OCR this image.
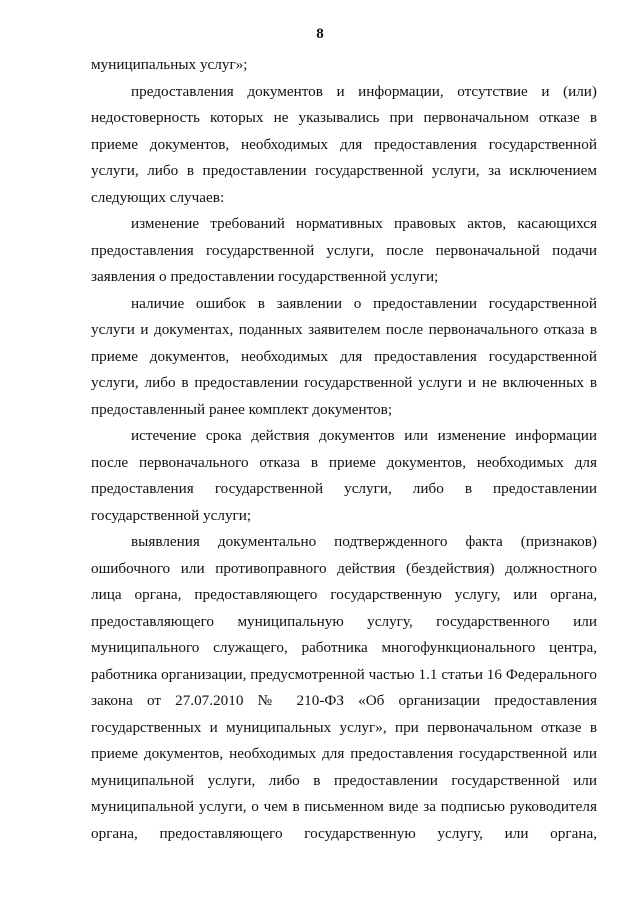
8

муниципальных услуг»;

предоставления документов и информации, отсутствие и (или) недостоверность которых не указывались при первоначальном отказе в приеме документов, необходимых для предоставления государственной услуги, либо в предоставлении государственной услуги, за исключением следующих случаев:

изменение требований нормативных правовых актов, касающихся предоставления государственной услуги, после первоначальной подачи заявления о предоставлении государственной услуги;

наличие ошибок в заявлении о предоставлении государственной услуги и документах, поданных заявителем после первоначального отказа в приеме документов, необходимых для предоставления государственной услуги, либо в предоставлении государственной услуги и не включенных в предоставленный ранее комплект документов;

истечение срока действия документов или изменение информации после первоначального отказа в приеме документов, необходимых для предоставления государственной услуги, либо в предоставлении государственной услуги;

выявления документально подтвержденного факта (признаков) ошибочного или противоправного действия (бездействия) должностного лица органа, предоставляющего государственную услугу, или органа, предоставляющего муниципальную услугу, государственного или муниципального служащего, работника многофункционального центра, работника организации, предусмотренной частью 1.1 статьи 16 Федерального закона от 27.07.2010 № 210-ФЗ «Об организации предоставления государственных и муниципальных услуг», при первоначальном отказе в приеме документов, необходимых для предоставления государственной или муниципальной услуги, либо в предоставлении государственной или муниципальной услуги, о чем в письменном виде за подписью руководителя органа, предоставляющего государственную услугу, или органа,
